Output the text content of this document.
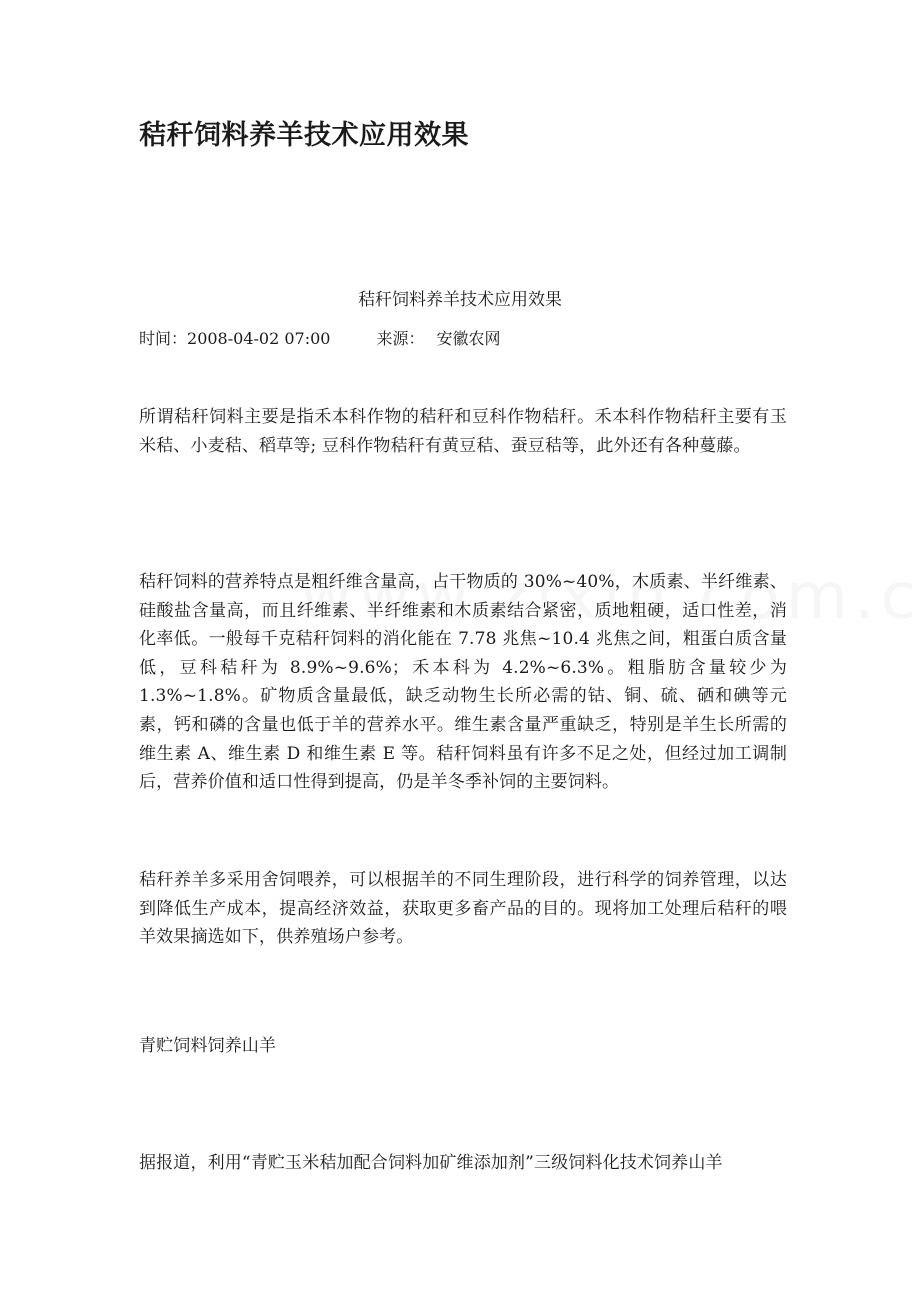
秸秆饲料养羊技术应用效果
秸秆饲料养羊技术应用效果
时间：2008-04-02 07:00	来源： 安徽农网

所谓秸秆饲料主要是指禾本科作物的秸秆和豆科作物秸秆。禾本科作物秸秆主要有玉米秸、小麦秸、稻草等; 豆科作物秸秆有黄豆秸、蚕豆秸等，此外还有各种蔓藤。

秸秆饲料的营养特点是粗纤维含量高，占干物质的 30%~40%，木质素、半纤维素、硅酸盐含量高，而且纤维素、半纤维素和木质素结合紧密，质地粗硬，适口性差，消化率低。一般每千克秸秆饲料的消化能在 7.78 兆焦~10.4 兆焦之间，粗蛋白质含量低，豆科秸秆为 8.9%~9.6%；禾本科为 4.2%~6.3%。粗脂肪含量较少为 1.3%~1.8%。矿物质含量最低，缺乏动物生长所必需的钴、铜、硫、硒和碘等元素，钙和磷的含量也低于羊的营养水平。维生素含量严重缺乏，特别是羊生长所需的维生素 A、维生素 D 和维生素 E 等。秸秆饲料虽有许多不足之处，但经过加工调制后，营养价值和适口性得到提高，仍是羊冬季补饲的主要饲料。

秸秆养羊多采用舍饲喂养，可以根据羊的不同生理阶段，进行科学的饲养管理，以达到降低生产成本，提高经济效益，获取更多畜产品的目的。现将加工处理后秸秆的喂羊效果摘选如下，供养殖场户参考。

青贮饲料饲养山羊

据报道，利用“青贮玉米秸加配合饲料加矿维添加剂”三级饲料化技术饲养山羊
